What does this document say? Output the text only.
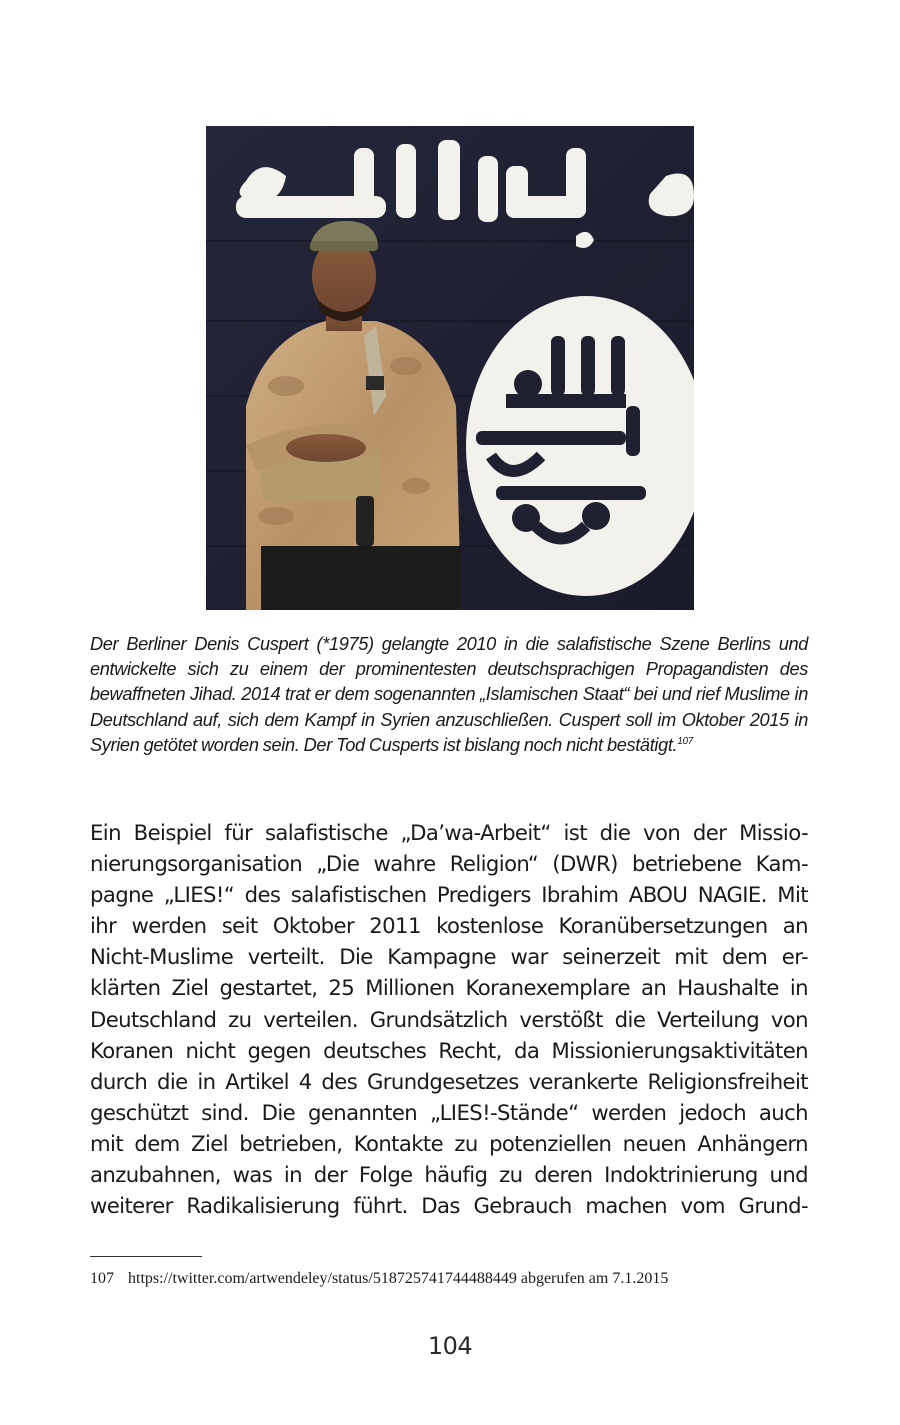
Der Berliner Denis Cuspert (*1975) gelangte 2010 in die salafistische Szene Berlins und entwickelte sich zu einem der prominentesten deutschsprachigen Propagandisten des bewaffneten Jihad. 2014 trat er dem sogenannten „Islamischen Staat“ bei und rief Muslime in Deutschland auf, sich dem Kampf in Syrien anzuschließen. Cuspert soll im Oktober 2015 in Syrien getötet worden sein. Der Tod Cusperts ist bislang noch nicht bestätigt.$^{107}$

Ein Beispiel für salafistische „Da’wa-Arbeit“ ist die von der Missio-
nierungsorganisation „Die wahre Religion“ (DWR) betriebene Kam-
pagne „LIES!“ des salafistischen Predigers Ibrahim ABOU NAGIE. Mit
ihr werden seit Oktober 2011 kostenlose Koranübersetzungen an
Nicht-Muslime verteilt. Die Kampagne war seinerzeit mit dem er-
klärten Ziel gestartet, 25 Millionen Koranexemplare an Haushalte in
Deutschland zu verteilen. Grundsätzlich verstößt die Verteilung von
Koranen nicht gegen deutsches Recht, da Missionierungsaktivitäten
durch die in Artikel 4 des Grundgesetzes verankerte Religionsfreiheit
geschützt sind. Die genannten „LIES!-Stände“ werden jedoch auch
mit dem Ziel betrieben, Kontakte zu potenziellen neuen Anhängern
anzubahnen, was in der Folge häufig zu deren Indoktrinierung und
weiterer Radikalisierung führt. Das Gebrauch machen vom Grund-
107 https://twitter.com/artwendeley/status/518725741744488449 abgerufen am 7.1.2015
104
